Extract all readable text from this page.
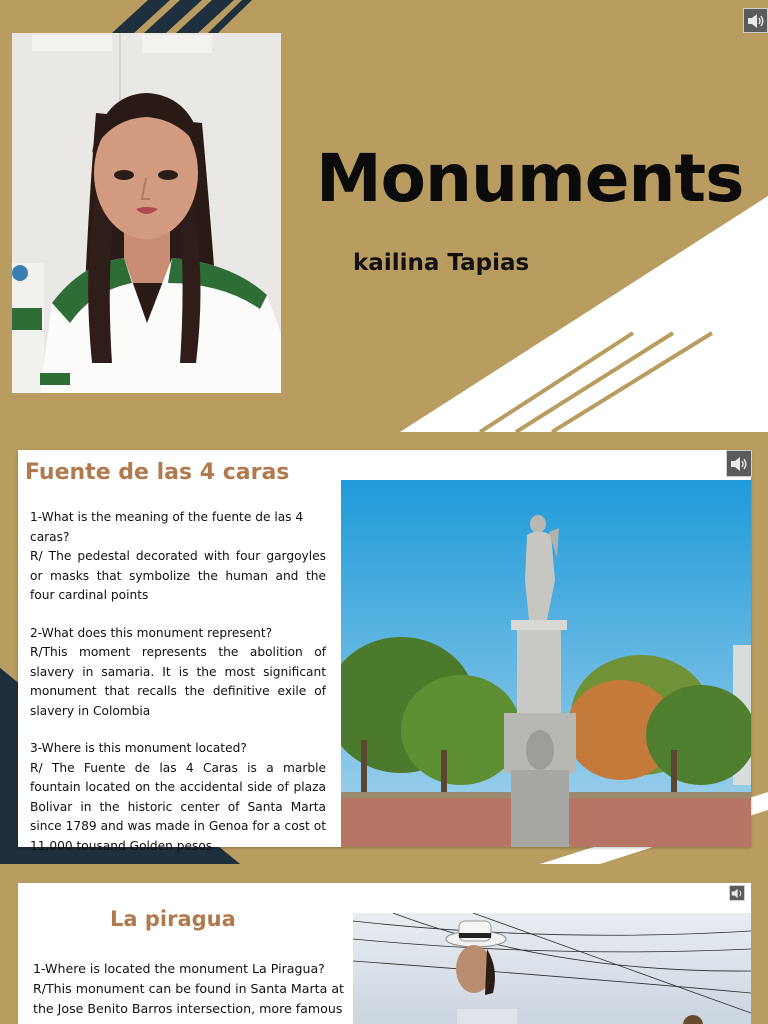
Monuments
kailina Tapias
Fuente de las 4 caras

1-What is the meaning of the fuente de las 4 caras?

R/ The pedestal decorated with four gargoyles or masks that symbolize the human and the four cardinal points

2-What does this monument represent?

R/This moment represents the abolition of slavery in samaria. It is the most significant monument that recalls the definitive exile of slavery in Colombia

3-Where is this monument located?

R/ The Fuente de las 4 Caras is a marble fountain located on the accidental side of plaza Bolivar in the historic center of Santa Marta since 1789 and was made in Genoa for a cost ot 11,000 tousand Golden pesos

La piragua

1-Where is located the monument La Piragua?

R/This monument can be found in Santa Marta at

the Jose Benito Barros intersection, more famous
